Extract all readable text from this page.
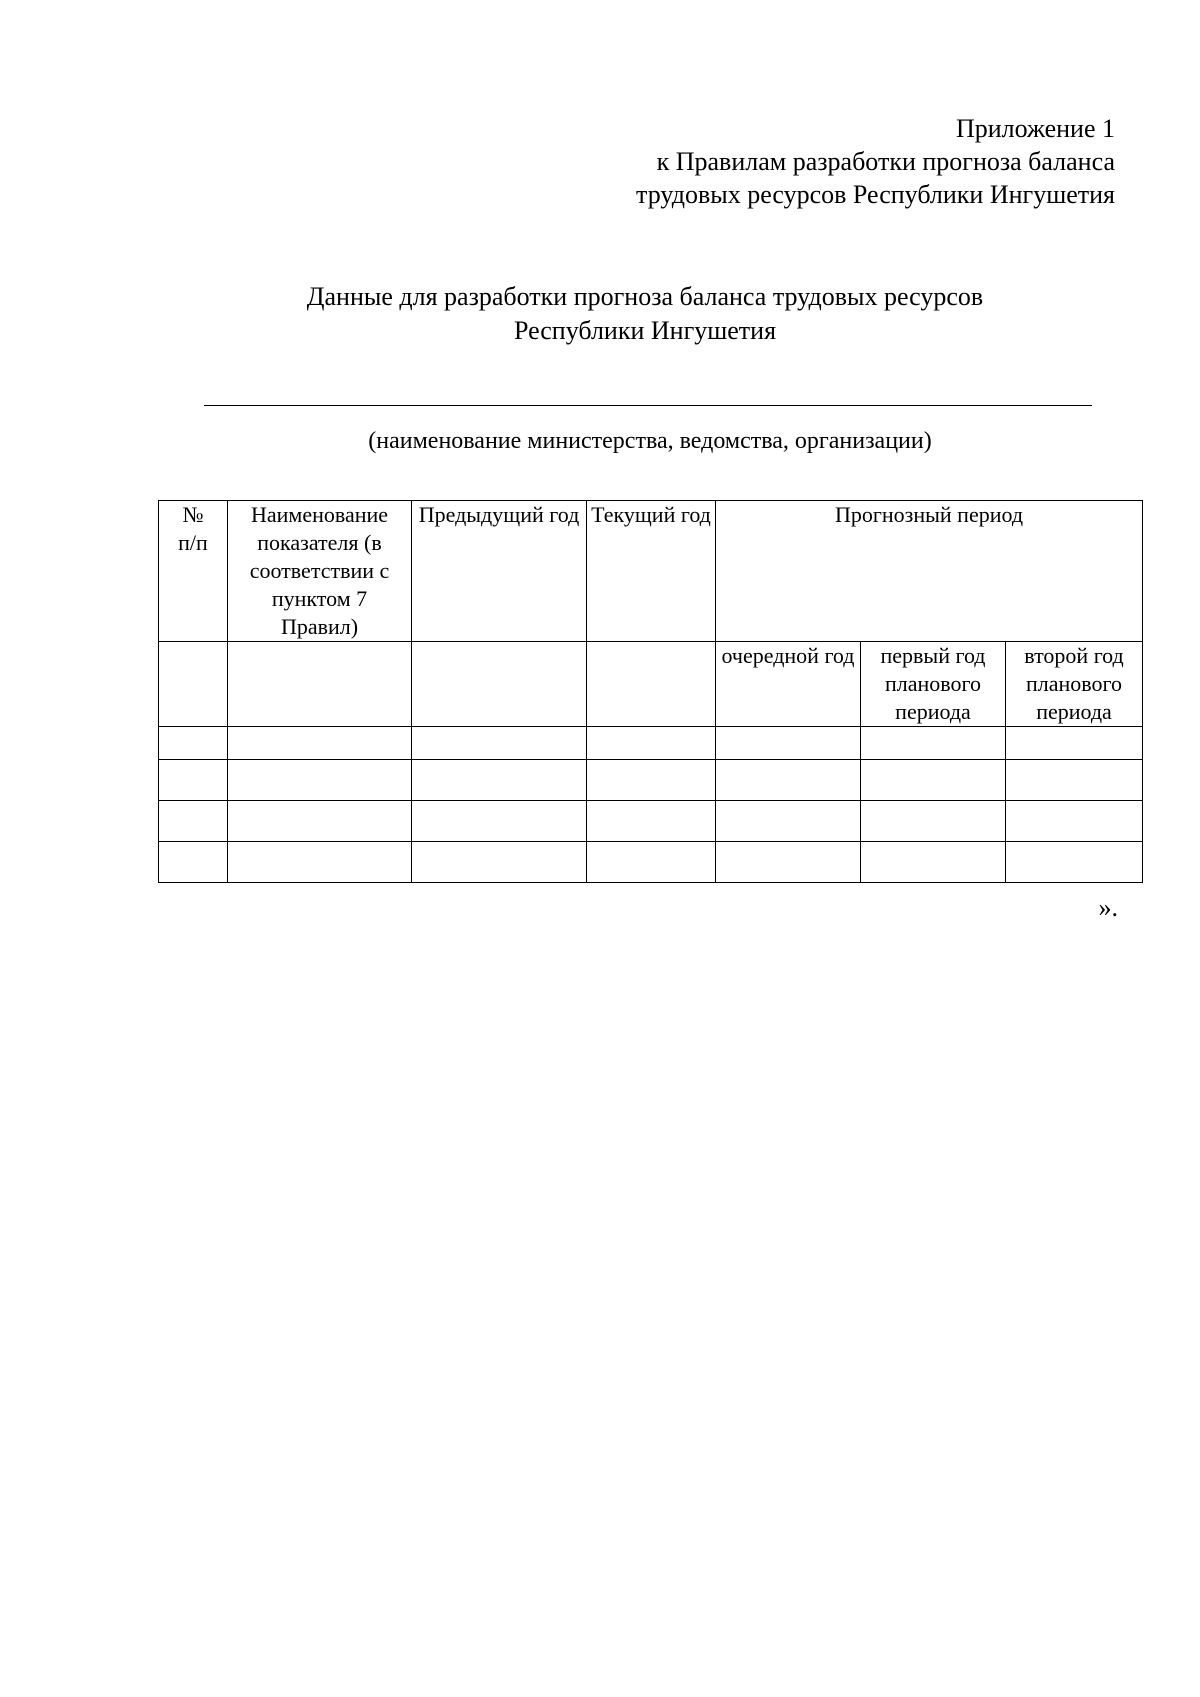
Приложение 1
к Правилам разработки прогноза баланса
трудовых ресурсов Республики Ингушетия
Данные для разработки прогноза баланса трудовых ресурсов
Республики Ингушетия
(наименование министерства, ведомства, организации)
№
п/п	Наименование показателя (в соответствии с пунктом 7 Правил)	Предыдущий год	Текущий год	Прогнозный период		
				очередной год	первый год планового периода	второй год планового периода

».
